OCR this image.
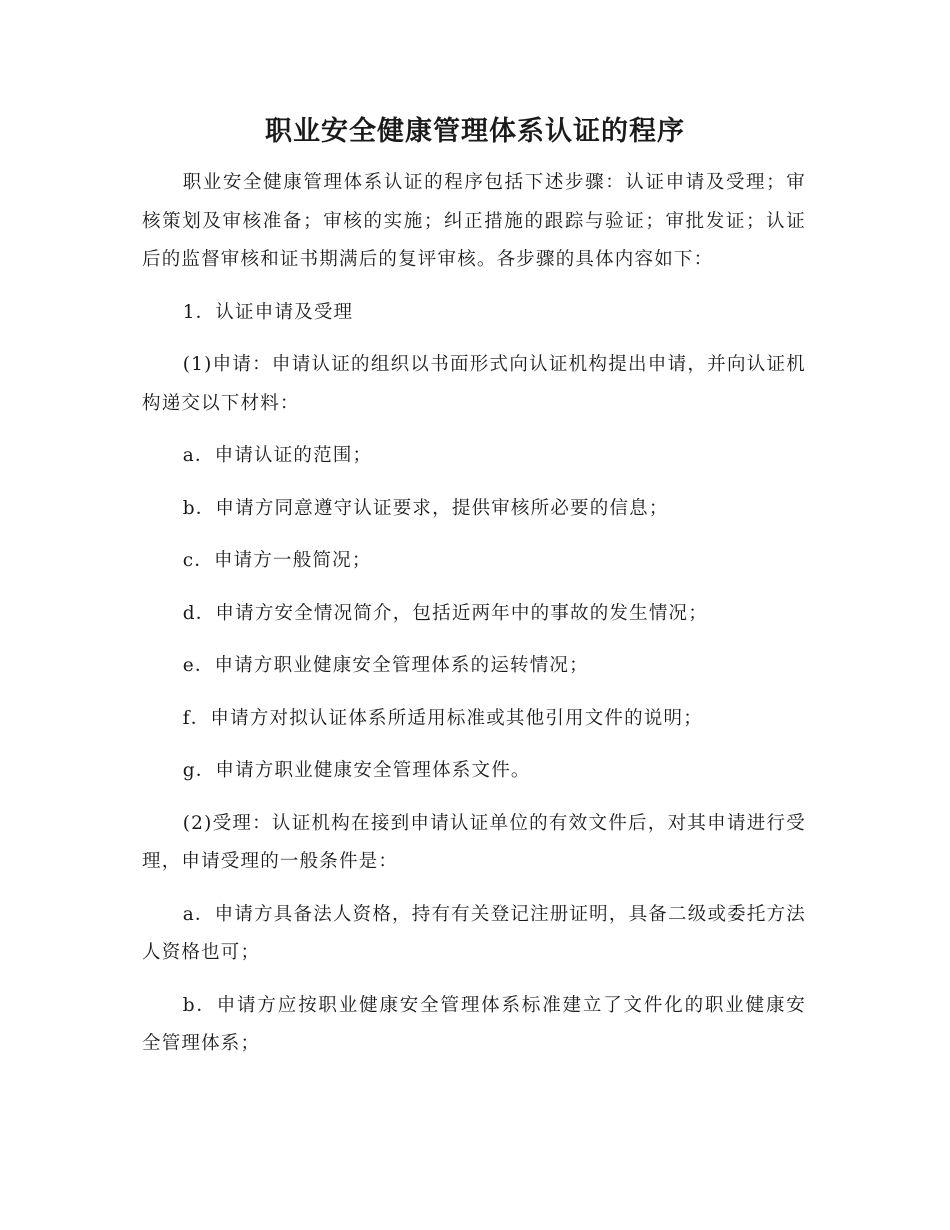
职业安全健康管理体系认证的程序

职业安全健康管理体系认证的程序包括下述步骤：认证申请及受理；审核策划及审核准备；审核的实施；纠正措施的跟踪与验证；审批发证；认证后的监督审核和证书期满后的复评审核。各步骤的具体内容如下：

1．认证申请及受理

(1)申请：申请认证的组织以书面形式向认证机构提出申请，并向认证机构递交以下材料：

a．申请认证的范围；

b．申请方同意遵守认证要求，提供审核所必要的信息；

c．申请方一般简况；

d．申请方安全情况简介，包括近两年中的事故的发生情况；

e．申请方职业健康安全管理体系的运转情况；

f．申请方对拟认证体系所适用标准或其他引用文件的说明；

g．申请方职业健康安全管理体系文件。

(2)受理：认证机构在接到申请认证单位的有效文件后，对其申请进行受理，申请受理的一般条件是：

a．申请方具备法人资格，持有有关登记注册证明，具备二级或委托方法人资格也可；

b．申请方应按职业健康安全管理体系标准建立了文件化的职业健康安全管理体系；
